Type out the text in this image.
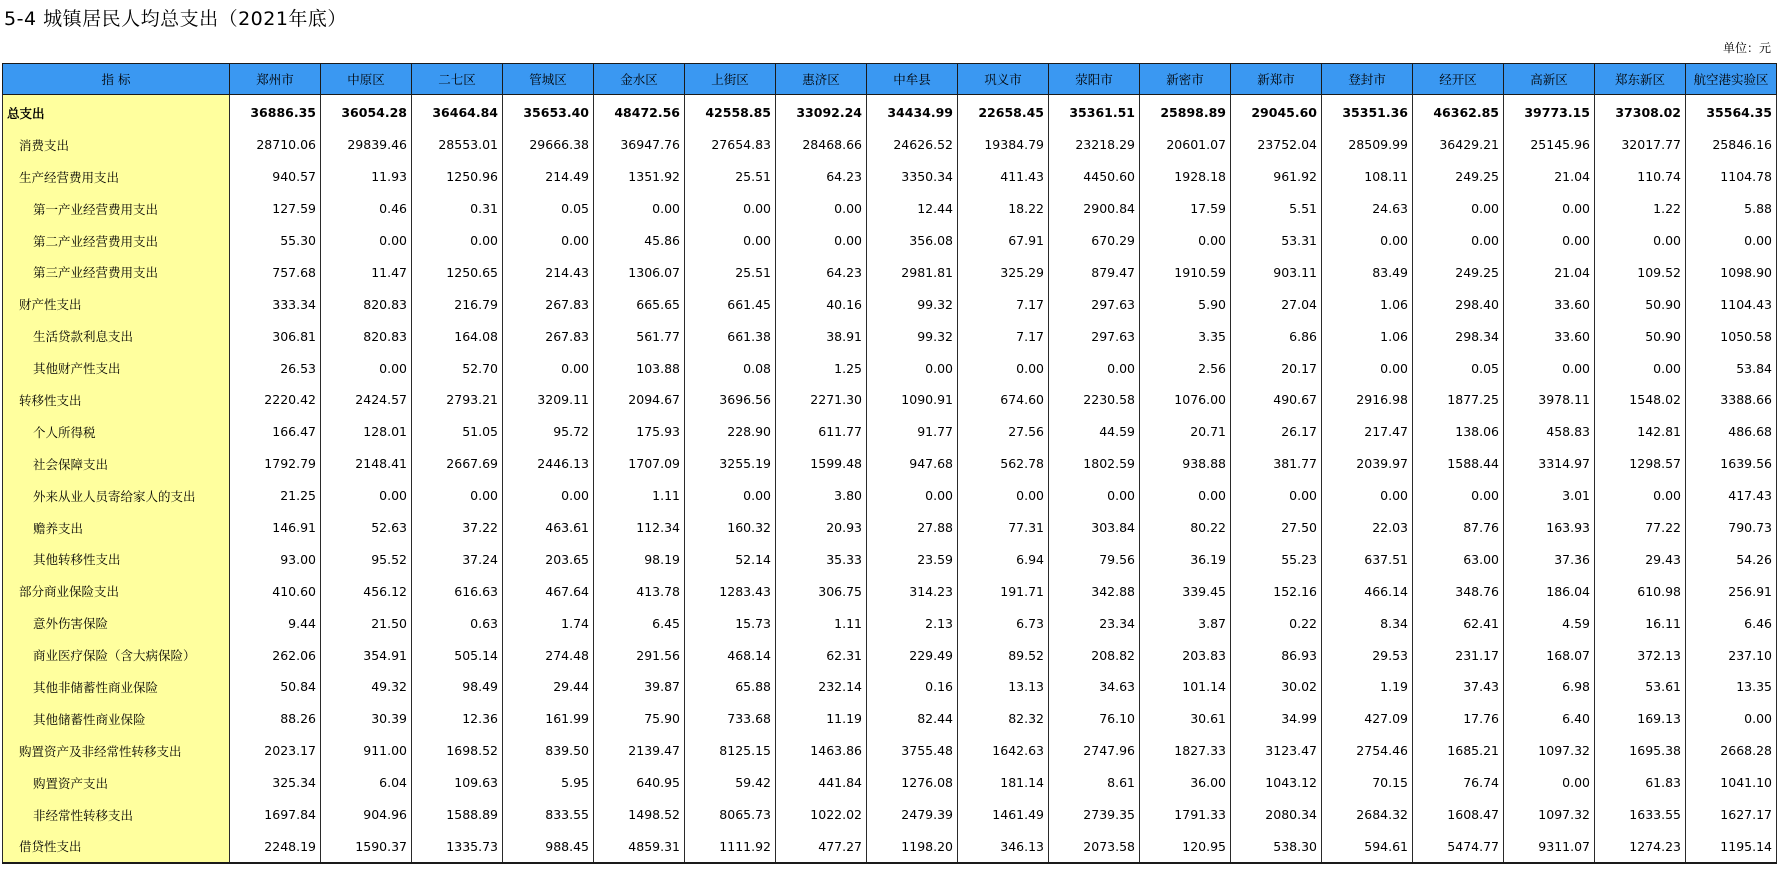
5-4 城镇居民人均总支出（2021年底）
单位：元
指 标	郑州市	中原区	二七区	管城区	金水区	上街区	惠济区	中牟县	巩义市	荥阳市	新密市	新郑市	登封市	经开区	高新区	郑东新区	航空港实验区
总支出	36886.35	36054.28	36464.84	35653.40	48472.56	42558.85	33092.24	34434.99	22658.45	35361.51	25898.89	29045.60	35351.36	46362.85	39773.15	37308.02	35564.35
消费支出	28710.06	29839.46	28553.01	29666.38	36947.76	27654.83	28468.66	24626.52	19384.79	23218.29	20601.07	23752.04	28509.99	36429.21	25145.96	32017.77	25846.16
生产经营费用支出	940.57	11.93	1250.96	214.49	1351.92	25.51	64.23	3350.34	411.43	4450.60	1928.18	961.92	108.11	249.25	21.04	110.74	1104.78
第一产业经营费用支出	127.59	0.46	0.31	0.05	0.00	0.00	0.00	12.44	18.22	2900.84	17.59	5.51	24.63	0.00	0.00	1.22	5.88
第二产业经营费用支出	55.30	0.00	0.00	0.00	45.86	0.00	0.00	356.08	67.91	670.29	0.00	53.31	0.00	0.00	0.00	0.00	0.00
第三产业经营费用支出	757.68	11.47	1250.65	214.43	1306.07	25.51	64.23	2981.81	325.29	879.47	1910.59	903.11	83.49	249.25	21.04	109.52	1098.90
财产性支出	333.34	820.83	216.79	267.83	665.65	661.45	40.16	99.32	7.17	297.63	5.90	27.04	1.06	298.40	33.60	50.90	1104.43
生活贷款利息支出	306.81	820.83	164.08	267.83	561.77	661.38	38.91	99.32	7.17	297.63	3.35	6.86	1.06	298.34	33.60	50.90	1050.58
其他财产性支出	26.53	0.00	52.70	0.00	103.88	0.08	1.25	0.00	0.00	0.00	2.56	20.17	0.00	0.05	0.00	0.00	53.84
转移性支出	2220.42	2424.57	2793.21	3209.11	2094.67	3696.56	2271.30	1090.91	674.60	2230.58	1076.00	490.67	2916.98	1877.25	3978.11	1548.02	3388.66
个人所得税	166.47	128.01	51.05	95.72	175.93	228.90	611.77	91.77	27.56	44.59	20.71	26.17	217.47	138.06	458.83	142.81	486.68
社会保障支出	1792.79	2148.41	2667.69	2446.13	1707.09	3255.19	1599.48	947.68	562.78	1802.59	938.88	381.77	2039.97	1588.44	3314.97	1298.57	1639.56
外来从业人员寄给家人的支出	21.25	0.00	0.00	0.00	1.11	0.00	3.80	0.00	0.00	0.00	0.00	0.00	0.00	0.00	3.01	0.00	417.43
赡养支出	146.91	52.63	37.22	463.61	112.34	160.32	20.93	27.88	77.31	303.84	80.22	27.50	22.03	87.76	163.93	77.22	790.73
其他转移性支出	93.00	95.52	37.24	203.65	98.19	52.14	35.33	23.59	6.94	79.56	36.19	55.23	637.51	63.00	37.36	29.43	54.26
部分商业保险支出	410.60	456.12	616.63	467.64	413.78	1283.43	306.75	314.23	191.71	342.88	339.45	152.16	466.14	348.76	186.04	610.98	256.91
意外伤害保险	9.44	21.50	0.63	1.74	6.45	15.73	1.11	2.13	6.73	23.34	3.87	0.22	8.34	62.41	4.59	16.11	6.46
商业医疗保险（含大病保险）	262.06	354.91	505.14	274.48	291.56	468.14	62.31	229.49	89.52	208.82	203.83	86.93	29.53	231.17	168.07	372.13	237.10
其他非储蓄性商业保险	50.84	49.32	98.49	29.44	39.87	65.88	232.14	0.16	13.13	34.63	101.14	30.02	1.19	37.43	6.98	53.61	13.35
其他储蓄性商业保险	88.26	30.39	12.36	161.99	75.90	733.68	11.19	82.44	82.32	76.10	30.61	34.99	427.09	17.76	6.40	169.13	0.00
购置资产及非经常性转移支出	2023.17	911.00	1698.52	839.50	2139.47	8125.15	1463.86	3755.48	1642.63	2747.96	1827.33	3123.47	2754.46	1685.21	1097.32	1695.38	2668.28
购置资产支出	325.34	6.04	109.63	5.95	640.95	59.42	441.84	1276.08	181.14	8.61	36.00	1043.12	70.15	76.74	0.00	61.83	1041.10
非经常性转移支出	1697.84	904.96	1588.89	833.55	1498.52	8065.73	1022.02	2479.39	1461.49	2739.35	1791.33	2080.34	2684.32	1608.47	1097.32	1633.55	1627.17
借贷性支出	2248.19	1590.37	1335.73	988.45	4859.31	1111.92	477.27	1198.20	346.13	2073.58	120.95	538.30	594.61	5474.77	9311.07	1274.23	1195.14
